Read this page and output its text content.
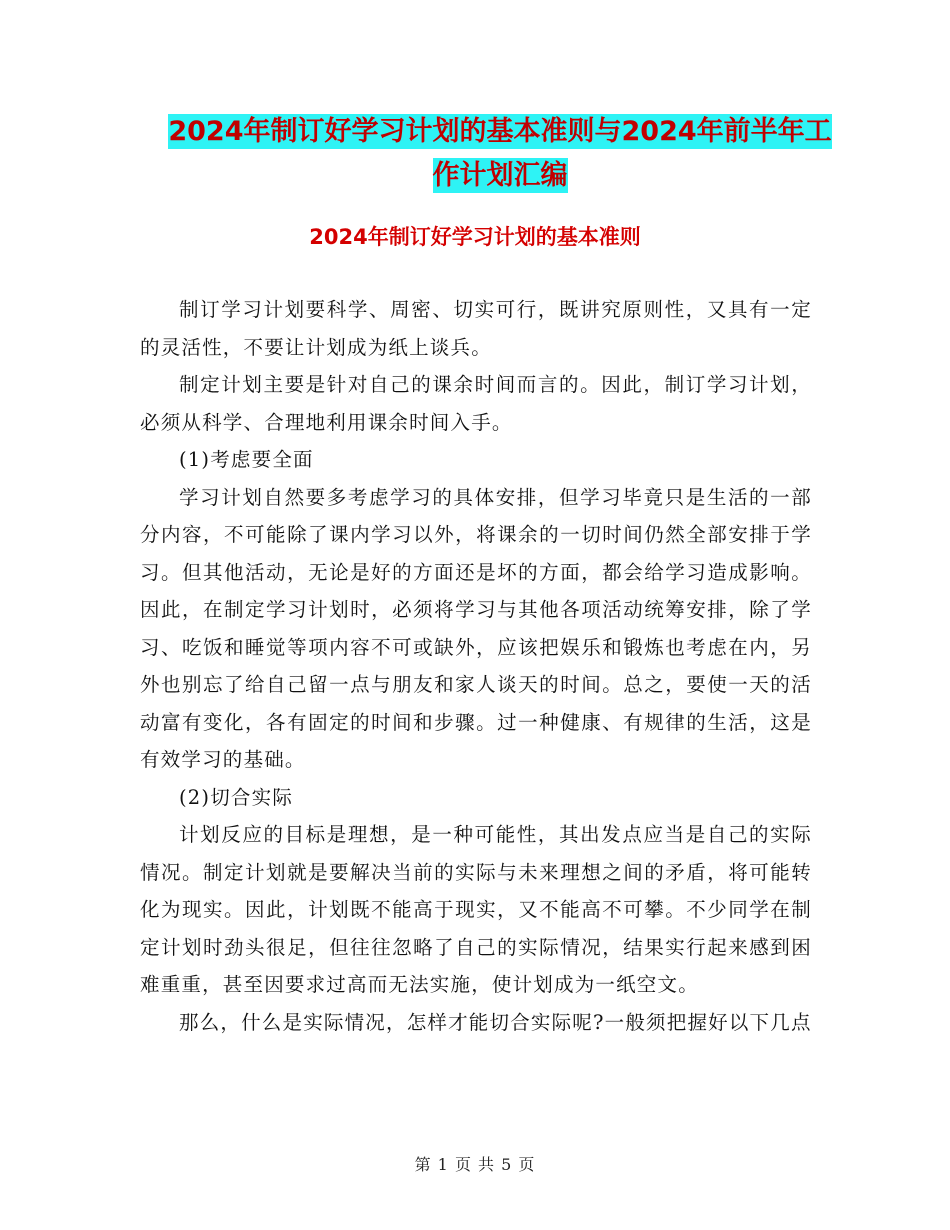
2024年制订好学习计划的基本准则与2024年前半年工
作计划汇编
2024年制订好学习计划的基本准则

制订学习计划要科学、周密、切实可行，既讲究原则性，又具有一定的灵活性，不要让计划成为纸上谈兵。

制定计划主要是针对自己的课余时间而言的。因此，制订学习计划，必须从科学、合理地利用课余时间入手。

(1)考虑要全面

学习计划自然要多考虑学习的具体安排，但学习毕竟只是生活的一部分内容，不可能除了课内学习以外，将课余的一切时间仍然全部安排于学习。但其他活动，无论是好的方面还是坏的方面，都会给学习造成影响。因此，在制定学习计划时，必须将学习与其他各项活动统筹安排，除了学习、吃饭和睡觉等项内容不可或缺外，应该把娱乐和锻炼也考虑在内，另外也别忘了给自己留一点与朋友和家人谈天的时间。总之，要使一天的活动富有变化，各有固定的时间和步骤。过一种健康、有规律的生活，这是有效学习的基础。

(2)切合实际

计划反应的目标是理想，是一种可能性，其出发点应当是自己的实际情况。制定计划就是要解决当前的实际与未来理想之间的矛盾，将可能转化为现实。因此，计划既不能高于现实，又不能高不可攀。不少同学在制定计划时劲头很足，但往往忽略了自己的实际情况，结果实行起来感到困难重重，甚至因要求过高而无法实施，使计划成为一纸空文。

那么，什么是实际情况，怎样才能切合实际呢?一般须把握好以下几点

第 1 页 共 5 页
